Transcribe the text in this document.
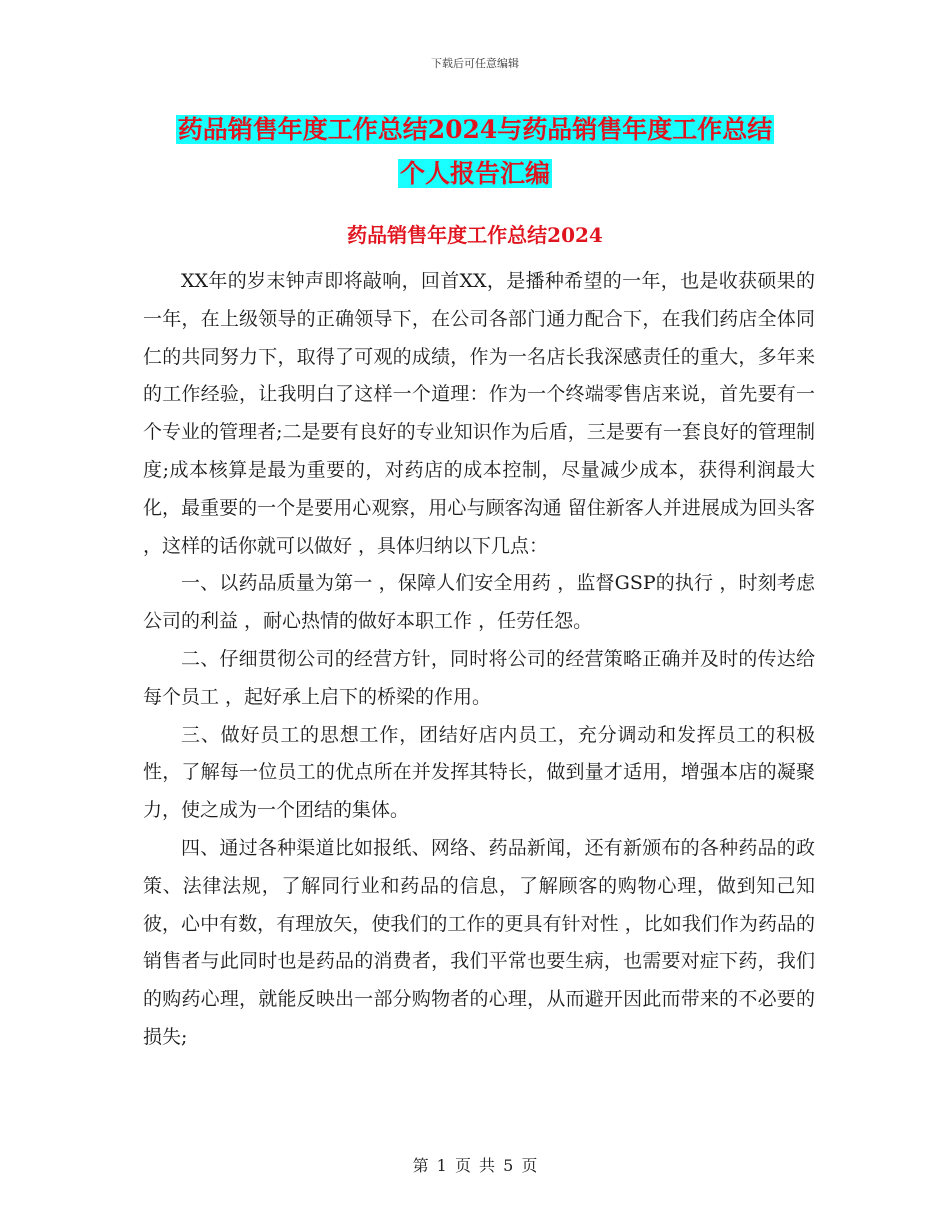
下载后可任意编辑
药品销售年度工作总结2024与药品销售年度工作总结
个人报告汇编
药品销售年度工作总结2024

XX年的岁末钟声即将敲响，回首XX，是播种希望的一年，也是收获硕果的一年，在上级领导的正确领导下，在公司各部门通力配合下，在我们药店全体同仁的共同努力下，取得了可观的成绩，作为一名店长我深感责任的重大，多年来的工作经验，让我明白了这样一个道理：作为一个终端零售店来说，首先要有一个专业的管理者;二是要有良好的专业知识作为后盾，三是要有一套良好的管理制度;成本核算是最为重要的，对药店的成本控制，尽量减少成本，获得利润最大化，最重要的一个是要用心观察，用心与顾客沟通 留住新客人并进展成为回头客 ，这样的话你就可以做好 ，具体归纳以下几点：

一、以药品质量为第一 ，保障人们安全用药 ，监督GSP的执行 ，时刻考虑公司的利益 ，耐心热情的做好本职工作 ，任劳任怨。

二、仔细贯彻公司的经营方针，同时将公司的经营策略正确并及时的传达给每个员工 ，起好承上启下的桥梁的作用。

三、做好员工的思想工作，团结好店内员工，充分调动和发挥员工的积极性，了解每一位员工的优点所在并发挥其特长，做到量才适用，增强本店的凝聚力，使之成为一个团结的集体。

四、通过各种渠道比如报纸、网络、药品新闻，还有新颁布的各种药品的政策、法律法规，了解同行业和药品的信息，了解顾客的购物心理，做到知己知彼，心中有数，有理放矢，使我们的工作的更具有针对性 ，比如我们作为药品的销售者与此同时也是药品的消费者，我们平常也要生病，也需要对症下药，我们的购药心理，就能反映出一部分购物者的心理，从而避开因此而带来的不必要的损失;

第 1 页 共 5 页
